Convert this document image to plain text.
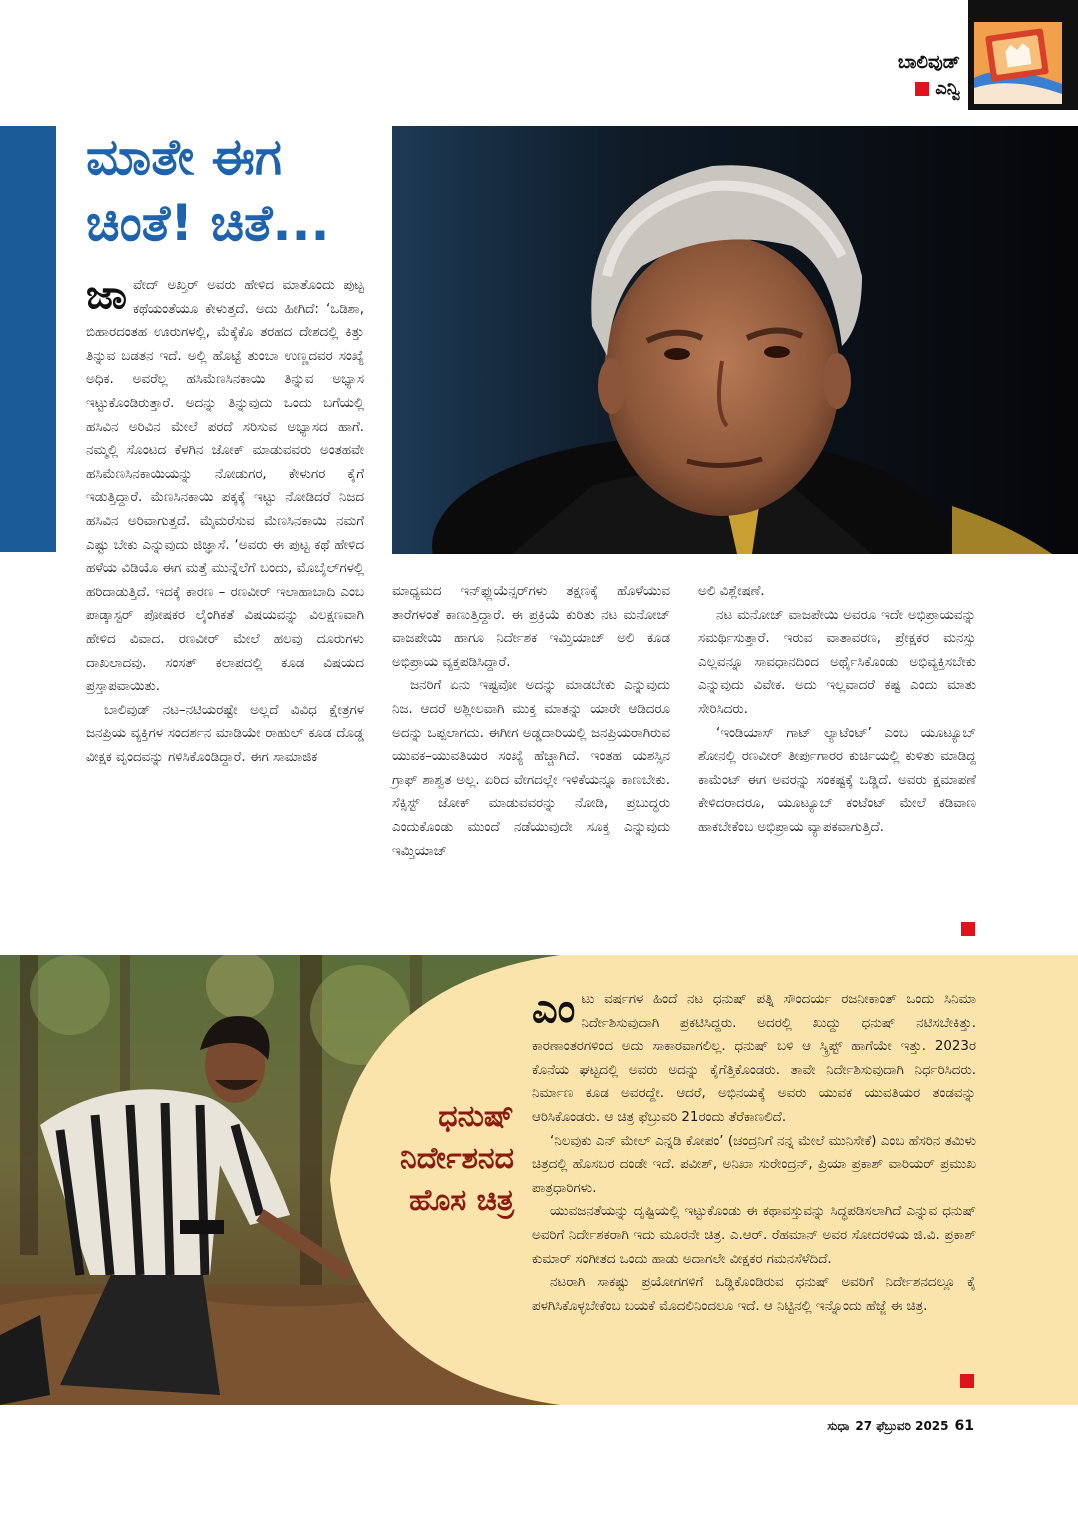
ಬಾಲಿವುಡ್
ಎನ್ವಿ
ಮಾತೇ ಈಗ
ಚಿಂತೆ! ಚಿತೆ...

ಜಾವೇದ್ ಅಖ್ತರ್ ಅವರು ಹೇಳಿದ ಮಾತೊಂದು ಪುಟ್ಟ ಕಥೆಯಂತೆಯೂ ಕೇಳುತ್ತದೆ. ಅದು ಹೀಗಿದೆ: ‘ಒಡಿಶಾ, ಬಿಹಾರದಂತಹ ಊರುಗಳಲ್ಲಿ, ಮೆಕ್ಕೆಕೊ ತರಹದ ದೇಶದಲ್ಲಿ ಕಿತ್ತು ತಿನ್ನುವ ಬಡತನ ಇದೆ. ಅಲ್ಲಿ ಹೊಟ್ಟೆ ತುಂಬಾ ಉಣ್ಣದವರ ಸಂಖ್ಯೆ ಅಧಿಕ. ಅವರೆಲ್ಲ ಹಸಿಮೆಣಸಿನಕಾಯಿ ತಿನ್ನುವ ಅಭ್ಯಾಸ ಇಟ್ಟುಕೊಂಡಿರುತ್ತಾರೆ. ಅದನ್ನು ತಿನ್ನುವುದು ಒಂದು ಬಗೆಯಲ್ಲಿ ಹಸಿವಿನ ಅರಿವಿನ ಮೇಲೆ ಪರದೆ ಸರಿಸುವ ಅಭ್ಯಾಸದ ಹಾಗೆ. ನಮ್ಮಲ್ಲಿ ಸೊಂಟದ ಕೆಳಗಿನ ಜೋಕ್ ಮಾಡುವವರು ಅಂತಹವೇ ಹಸಿಮೆಣಸಿನಕಾಯಿಯನ್ನು ನೋಡುಗರ, ಕೇಳುಗರ ಕೈಗೆ ಇಡುತ್ತಿದ್ದಾರೆ. ಮೆಣಸಿನಕಾಯಿ ಪಕ್ಕಕ್ಕೆ ಇಟ್ಟು ನೋಡಿದರೆ ನಿಜದ ಹಸಿವಿನ ಅರಿವಾಗುತ್ತದೆ. ಮೈಮರೆಸುವ ಮೆಣಸಿನಕಾಯಿ ನಮಗೆ ಎಷ್ಟು ಬೇಕು ಎನ್ನುವುದು ಜಿಜ್ಞಾಸೆ. ‘ಅವರು ಈ ಪುಟ್ಟ ಕಥೆ ಹೇಳಿದ ಹಳೆಯ ವಿಡಿಯೊ ಈಗ ಮತ್ತೆ ಮುನ್ನೆಲೆಗೆ ಬಂದು, ಮೊಬೈಲ್‌ಗಳಲ್ಲಿ ಹರಿದಾಡುತ್ತಿದೆ. ಇದಕ್ಕೆ ಕಾರಣ – ರಣವೀರ್ ಇಲಾಹಾಬಾದಿ ಎಂಬ ಪಾಡ್ಕಾಸ್ಟರ್ ಪೋಷಕರ ಲೈಂಗಿಕತೆ ವಿಷಯವನ್ನು ವಿಲಕ್ಷಣವಾಗಿ ಹೇಳಿದ ವಿವಾದ. ರಣವೀರ್ ಮೇಲೆ ಹಲವು ದೂರುಗಳು ದಾಖಲಾದವು. ಸಂಸತ್ ಕಲಾಪದಲ್ಲಿ ಕೂಡ ವಿಷಯದ ಪ್ರಸ್ತಾಪವಾಯಿತು.

ಬಾಲಿವುಡ್ ನಟ–ನಟಿಯರಷ್ಟೇ ಅಲ್ಲದೆ ವಿವಿಧ ಕ್ಷೇತ್ರಗಳ ಜನಪ್ರಿಯ ವ್ಯಕ್ತಿಗಳ ಸಂದರ್ಶನ ಮಾಡಿಯೇ ರಾಹುಲ್ ಕೂಡ ದೊಡ್ಡ ವೀಕ್ಷಕ ವೃಂದವನ್ನು ಗಳಿಸಿಕೊಂಡಿದ್ದಾರೆ. ಈಗ ಸಾಮಾಜಿಕ

ಮಾಧ್ಯಮದ ಇನ್‌ಫ್ಲುಯೆನ್ಸರ್‌ಗಳು ತಕ್ಷಣಕ್ಕೆ ಹೊಳೆಯುವ ತಾರೆಗಳಂತೆ ಕಾಣುತ್ತಿದ್ದಾರೆ. ಈ ಪ್ರಕ್ರಿಯೆ ಕುರಿತು ನಟ ಮನೋಜ್ ವಾಜಪೇಯಿ ಹಾಗೂ ನಿರ್ದೇಶಕ ಇಮ್ತಿಯಾಜ್ ಅಲಿ ಕೂಡ ಅಭಿಪ್ರಾಯ ವ್ಯಕ್ತಪಡಿಸಿದ್ದಾರೆ.

ಜನರಿಗೆ ಏನು ಇಷ್ಟವೋ ಅದನ್ನು ಮಾಡಬೇಕು ಎನ್ನುವುದು ನಿಜ. ಆದರೆ ಅಶ್ಲೀಲವಾಗಿ ಮುಕ್ತ ಮಾತನ್ನು ಯಾರೇ ಆಡಿದರೂ ಅದನ್ನು ಒಪ್ಪಲಾಗದು. ಈಗೀಗ ಅಡ್ಡದಾರಿಯಲ್ಲಿ ಜನಪ್ರಿಯರಾಗಿರುವ ಯುವಕ–ಯುವತಿಯರ ಸಂಖ್ಯೆ ಹೆಚ್ಚಾಗಿದೆ. ಇಂತಹ ಯಶಸ್ಸಿನ ಗ್ರಾಫ್ ಶಾಶ್ವತ ಅಲ್ಲ. ಏರಿದ ವೇಗದಲ್ಲೇ ಇಳಿಕೆಯನ್ನೂ ಕಾಣಬೇಕು. ಸೆಕ್ಸಿಸ್ಟ್ ಜೋಕ್ ಮಾಡುವವರನ್ನು ನೋಡಿ, ಪ್ರಬುದ್ಧರು ಎಂದುಕೊಂಡು ಮುಂದೆ ನಡೆಯುವುದೇ ಸೂಕ್ತ ಎನ್ನುವುದು ಇಮ್ತಿಯಾಜ್

ಅಲಿ ವಿಶ್ಲೇಷಣೆ.

ನಟ ಮನೋಜ್ ವಾಜಪೇಯಿ ಅವರೂ ಇದೇ ಅಭಿಪ್ರಾಯವನ್ನು ಸಮರ್ಥಿಸುತ್ತಾರೆ. ಇರುವ ವಾತಾವರಣ, ಪ್ರೇಕ್ಷಕರ ಮನಸ್ಸು ಎಲ್ಲವನ್ನೂ ಸಾವಧಾನದಿಂದ ಅರ್ಥೈಸಿಕೊಂಡು ಅಭಿವ್ಯಕ್ತಿಸಬೇಕು ಎನ್ನುವುದು ವಿವೇಕ. ಅದು ಇಲ್ಲವಾದರೆ ಕಷ್ಟ ಎಂದು ಮಾತು ಸೇರಿಸಿದರು.

‘ಇಂಡಿಯಾಸ್ ಗಾಟ್ ಲ್ಯಾಟೆಂಟ್’ ಎಂಬ ಯೂಟ್ಯೂಬ್ ಶೋನಲ್ಲಿ ರಣವೀರ್ ತೀರ್ಪುಗಾರರ ಕುರ್ಚಿಯಲ್ಲಿ ಕುಳಿತು ಮಾಡಿದ್ದ ಕಾಮೆಂಟ್ ಈಗ ಅವರನ್ನು ಸಂಕಷ್ಟಕ್ಕೆ ಒಡ್ಡಿದೆ. ಅವರು ಕ್ಷಮಾಪಣೆ ಕೇಳಿದರಾದರೂ, ಯೂಟ್ಯೂಬ್ ಕಂಟೆಂಟ್ ಮೇಲೆ ಕಡಿವಾಣ ಹಾಕಬೇಕೆಂಬ ಅಭಿಪ್ರಾಯ ವ್ಯಾಪಕವಾಗುತ್ತಿದೆ.

ಧನುಷ್
ನಿರ್ದೇಶನದ
ಹೊಸ ಚಿತ್ರ

ಎಂಟು ವರ್ಷಗಳ ಹಿಂದೆ ನಟ ಧನುಷ್ ಪತ್ನಿ ಸೌಂದರ್ಯ ರಜನೀಕಾಂತ್ ಒಂದು ಸಿನಿಮಾ ನಿರ್ದೇಶಿಸುವುದಾಗಿ ಪ್ರಕಟಿಸಿದ್ದರು. ಅದರಲ್ಲಿ ಖುದ್ದು ಧನುಷ್ ನಟಿಸಬೇಕಿತ್ತು. ಕಾರಣಾಂತರಗಳಿಂದ ಅದು ಸಾಕಾರವಾಗಲಿಲ್ಲ. ಧನುಷ್ ಬಳಿ ಆ ಸ್ಕ್ರಿಪ್ಟ್ ಹಾಗೆಯೇ ಇತ್ತು. 2023ರ ಕೊನೆಯ ಘಟ್ಟದಲ್ಲಿ ಅವರು ಅದನ್ನು ಕೈಗೆತ್ತಿಕೊಂಡರು. ತಾವೇ ನಿರ್ದೇಶಿಸುವುದಾಗಿ ನಿರ್ಧರಿಸಿದರು. ನಿರ್ಮಾಣ ಕೂಡ ಅವರದ್ದೇ. ಆದರೆ, ಅಭಿನಯಕ್ಕೆ ಅವರು ಯುವಕ ಯುವತಿಯರ ತಂಡವನ್ನು ಆರಿಸಿಕೊಂಡರು. ಆ ಚಿತ್ರ ಫೆಬ್ರುವರಿ 21ರಂದು ತೆರೆಕಾಣಲಿದೆ.

‘ನಿಲವುಕು ಎನ್ ಮೇಲ್ ಎನ್ನಡಿ ಕೋಪಂ’ (ಚಂದ್ರನಿಗೆ ನನ್ನ ಮೇಲೆ ಮುನಿಸೇಕೆ) ಎಂಬ ಹೆಸರಿನ ತಮಿಳು ಚಿತ್ರದಲ್ಲಿ ಹೊಸಬರ ದಂಡೇ ಇದೆ. ಪವೀಶ್, ಅನಿಖಾ ಸುರೇಂದ್ರನ್, ಪ್ರಿಯಾ ಪ್ರಕಾಶ್ ವಾರಿಯರ್ ಪ್ರಮುಖ ಪಾತ್ರಧಾರಿಗಳು.

ಯುವಜನತೆಯನ್ನು ದೃಷ್ಟಿಯಲ್ಲಿ ಇಟ್ಟುಕೊಂಡು ಈ ಕಥಾವಸ್ತುವನ್ನು ಸಿದ್ಧಪಡಿಸಲಾಗಿದೆ ಎನ್ನುವ ಧನುಷ್ ಅವರಿಗೆ ನಿರ್ದೇಶಕರಾಗಿ ಇದು ಮೂರನೇ ಚಿತ್ರ. ಎ.ಆರ್. ರೆಹಮಾನ್ ಅವರ ಸೋದರಳಿಯ ಜಿ.ವಿ. ಪ್ರಕಾಶ್ ಕುಮಾರ್ ಸಂಗೀತದ ಒಂದು ಹಾಡು ಅದಾಗಲೇ ವೀಕ್ಷಕರ ಗಮನಸೆಳೆದಿದೆ.

ನಟರಾಗಿ ಸಾಕಷ್ಟು ಪ್ರಯೋಗಗಳಿಗೆ ಒಡ್ಡಿಕೊಂಡಿರುವ ಧನುಷ್ ಅವರಿಗೆ ನಿರ್ದೇಶನದಲ್ಲೂ ಕೈ ಪಳಗಿಸಿಕೊಳ್ಳಬೇಕೆಂಬ ಬಯಕೆ ಮೊದಲಿನಿಂದಲೂ ಇದೆ. ಆ ನಿಟ್ಟಿನಲ್ಲಿ ಇನ್ನೊಂದು ಹೆಜ್ಜೆ ಈ ಚಿತ್ರ.

ಸುಧಾ 27 ಫೆಬ್ರುವರಿ 2025 61
